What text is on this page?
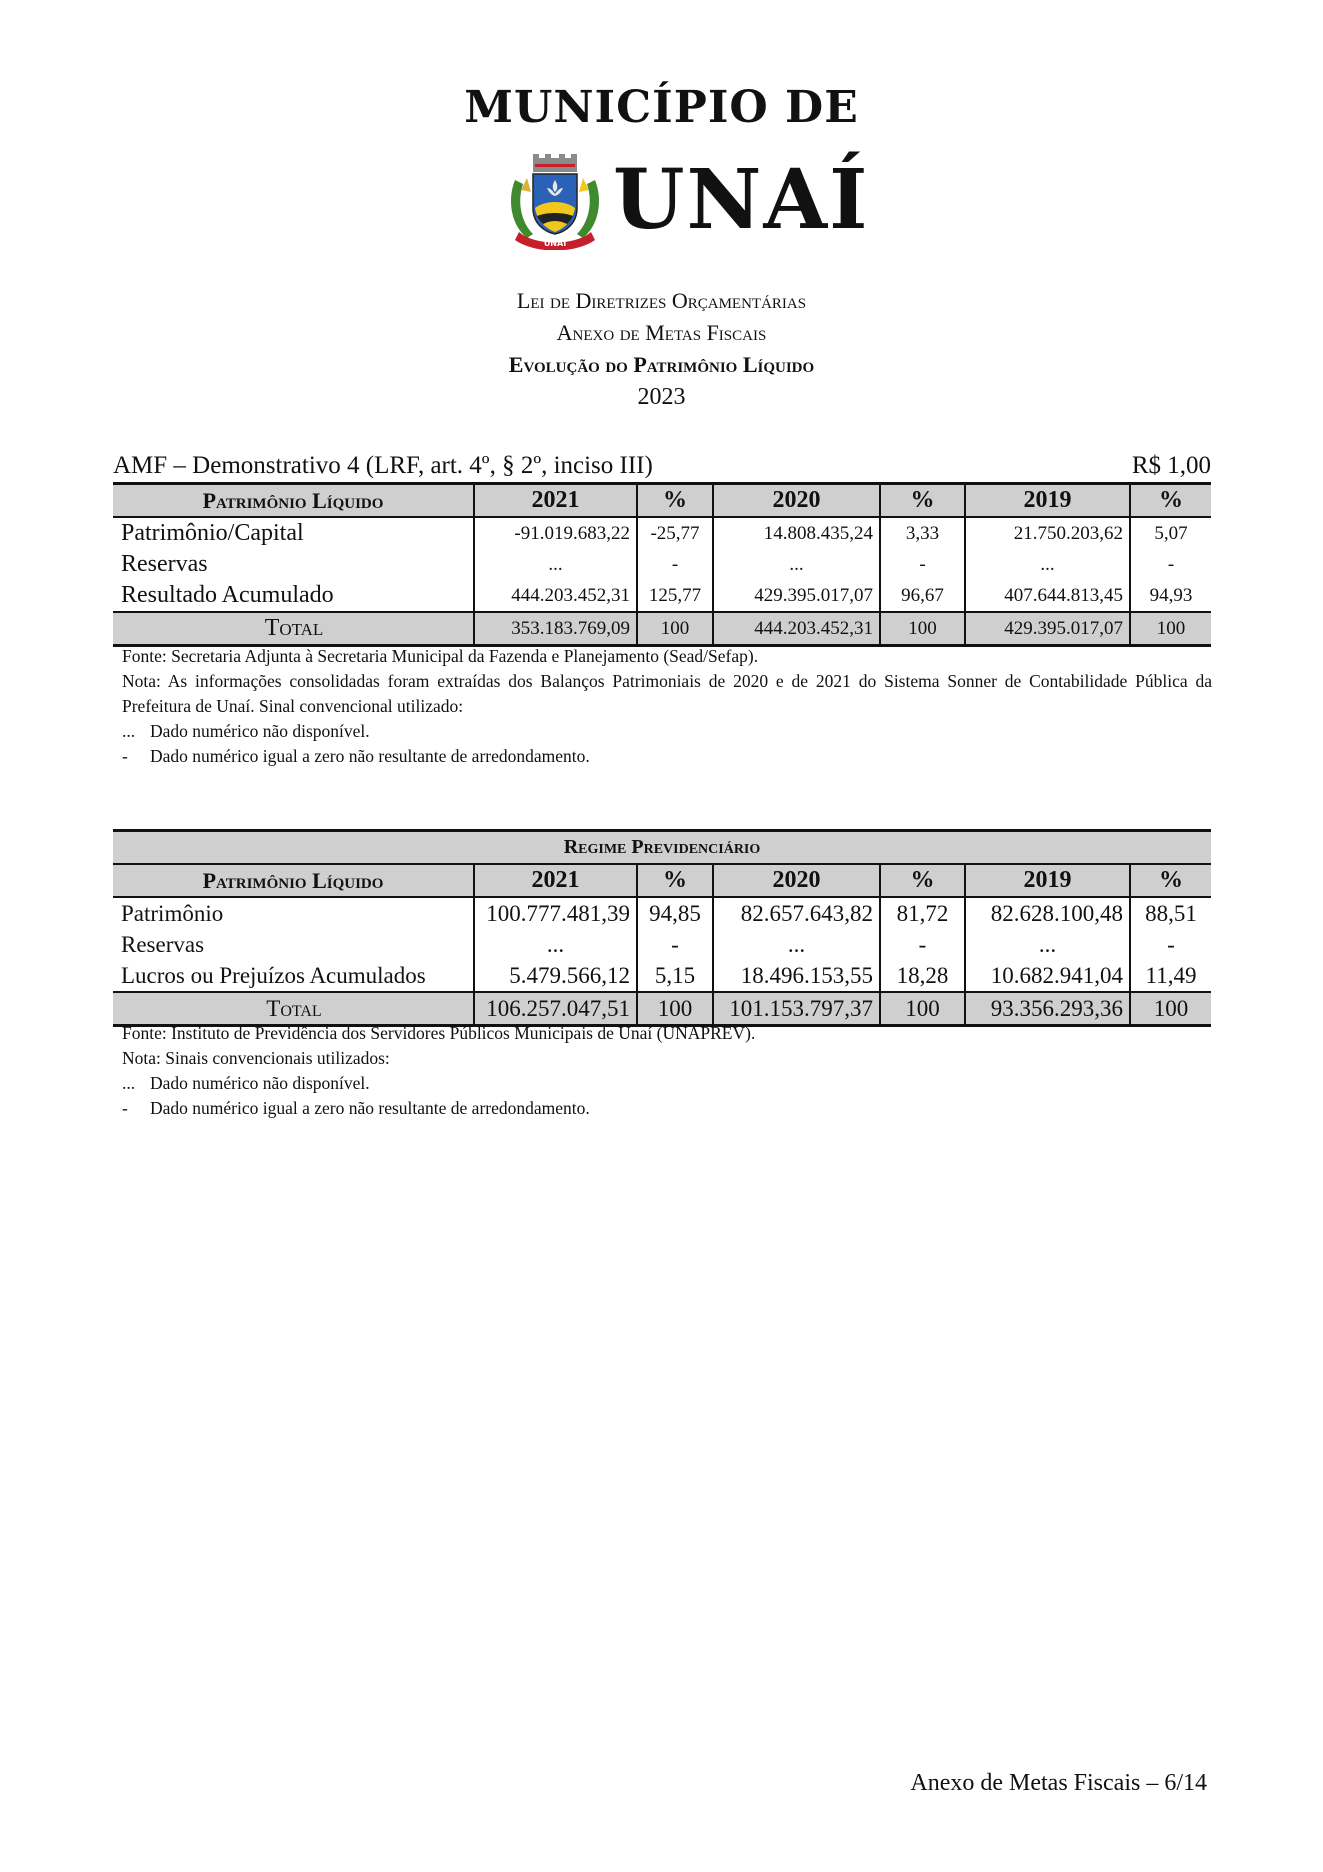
MUNICÍPIO DE
UNAÍ UNAÍ
Lei de Diretrizes Orçamentárias
Anexo de Metas Fiscais
Evolução do Patrimônio Líquido
2023
AMF – Demonstrativo 4 (LRF, art. 4º, § 2º, inciso III)	R$ 1,00
Patrimônio Líquido	2021	%	2020	%	2019	%
Patrimônio/Capital	-91.019.683,22	-25,77	14.808.435,24	3,33	21.750.203,62	5,07
Reservas	...	-	...	-	...	-
Resultado Acumulado	444.203.452,31	125,77	429.395.017,07	96,67	407.644.813,45	94,93
Total	353.183.769,09	100	444.203.452,31	100	429.395.017,07	100

Fonte: Secretaria Adjunta à Secretaria Municipal da Fazenda e Planejamento (Sead/Sefap).

Nota: As informações consolidadas foram extraídas dos Balanços Patrimoniais de 2020 e de 2021 do Sistema Sonner de Contabilidade Pública da Prefeitura de Unaí. Sinal convencional utilizado:

... Dado numérico não disponível.

- Dado numérico igual a zero não resultante de arredondamento.

Regime Previdenciário						
Patrimônio Líquido	2021	%	2020	%	2019	%
Patrimônio	100.777.481,39	94,85	82.657.643,82	81,72	82.628.100,48	88,51
Reservas	...	-	...	-	...	-
Lucros ou Prejuízos Acumulados	5.479.566,12	5,15	18.496.153,55	18,28	10.682.941,04	11,49
Total	106.257.047,51	100	101.153.797,37	100	93.356.293,36	100

Fonte: Instituto de Previdência dos Servidores Públicos Municipais de Unaí (UNAPREV).

Nota: Sinais convencionais utilizados:

... Dado numérico não disponível.

- Dado numérico igual a zero não resultante de arredondamento.

Anexo de Metas Fiscais – 6/14
